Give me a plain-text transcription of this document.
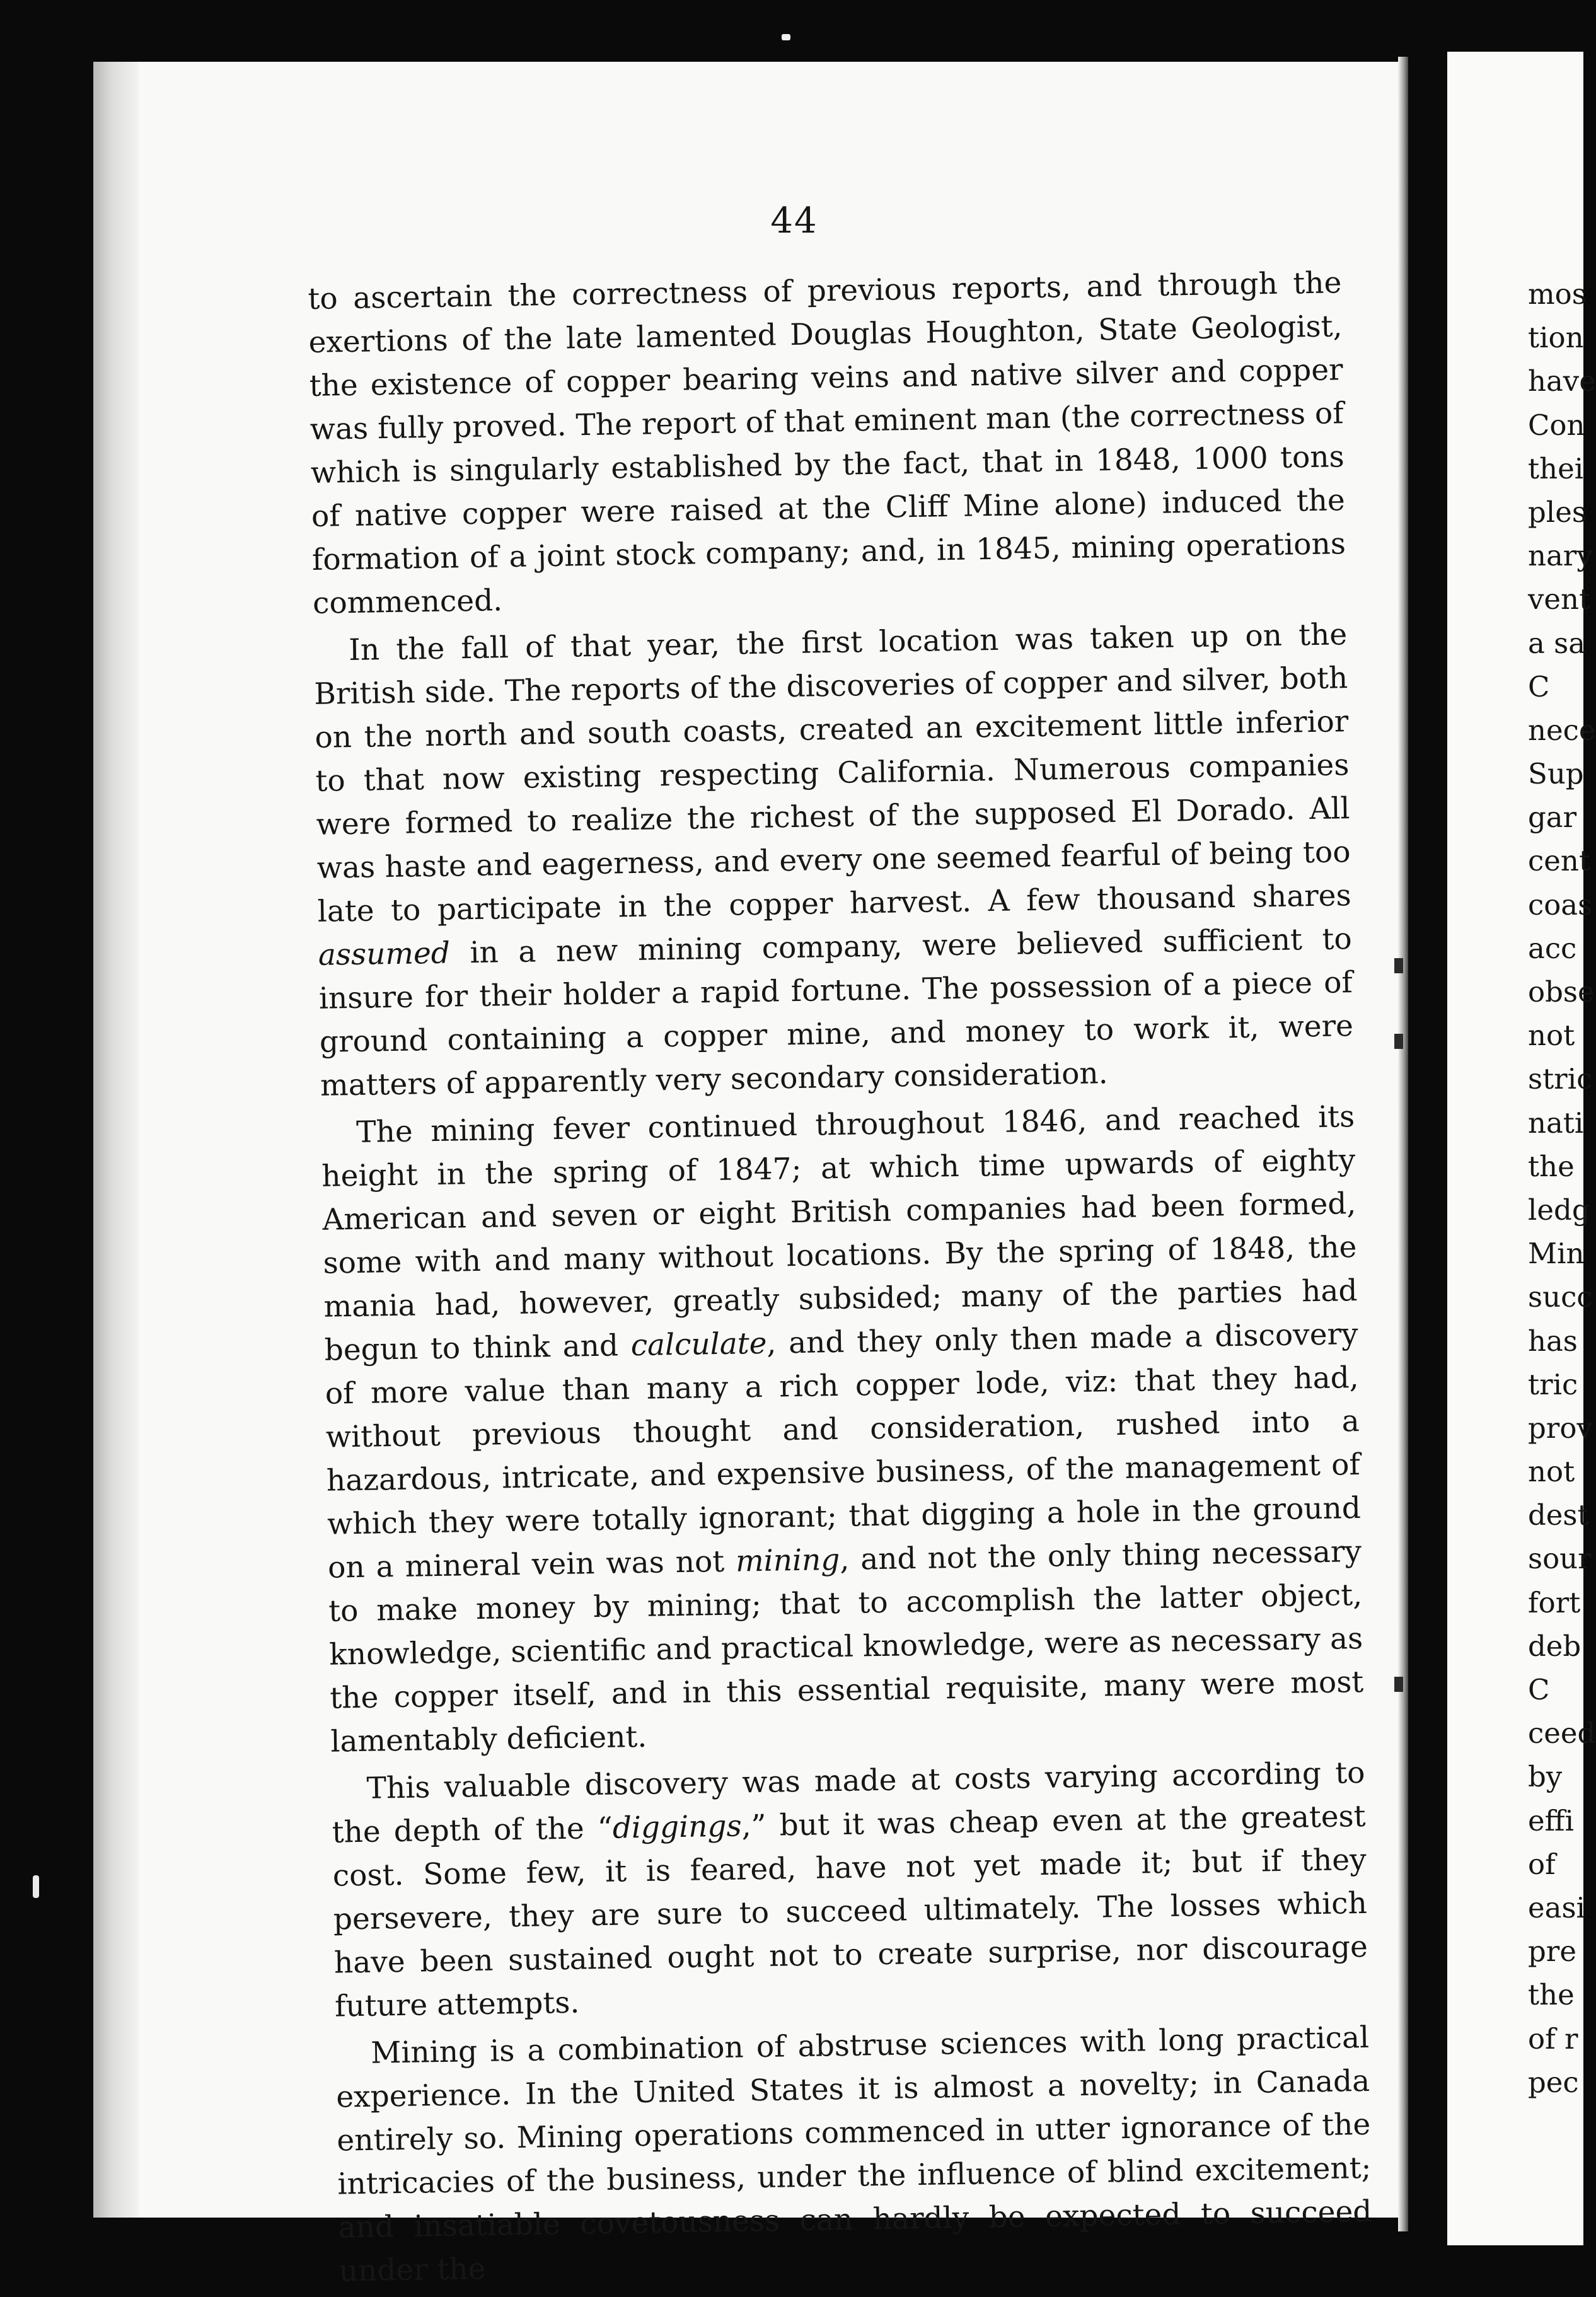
44

to ascertain the correctness of previous reports, and through the exertions of the late lamented Douglas Houghton, State Geologist, the existence of copper bearing veins and native silver and copper was fully proved. The report of that eminent man (the correctness of which is singularly established by the fact, that in 1848, 1000 tons of native copper were raised at the Cliff Mine alone) induced the formation of a joint stock company; and, in 1845, mining operations commenced.

In the fall of that year, the first location was taken up on the British side. The reports of the discoveries of copper and silver, both on the north and south coasts, created an excitement little inferior to that now existing respecting California. Numerous companies were formed to realize the richest of the supposed El Dorado. All was haste and eagerness, and every one seemed fearful of being too late to participate in the copper harvest. A few thousand shares assumed in a new mining company, were believed sufficient to insure for their holder a rapid fortune. The possession of a piece of ground containing a copper mine, and money to work it, were matters of apparently very secondary consideration.

The mining fever continued throughout 1846, and reached its height in the spring of 1847; at which time upwards of eighty American and seven or eight British companies had been formed, some with and many without locations. By the spring of 1848, the mania had, however, greatly subsided; many of the parties had begun to think and calculate, and they only then made a discovery of more value than many a rich copper lode, viz: that they had, without previous thought and consideration, rushed into a hazardous, intricate, and expensive business, of the management of which they were totally ignorant; that digging a hole in the ground on a mineral vein was not mining, and not the only thing necessary to make money by mining; that to accomplish the latter object, knowledge, scientific and practical knowledge, were as necessary as the copper itself, and in this essential requisite, many were most lamentably deficient.

This valuable discovery was made at costs varying according to the depth of the “diggings,” but it was cheap even at the greatest cost. Some few, it is feared, have not yet made it; but if they persevere, they are sure to succeed ultimately. The losses which have been sustained ought not to create surprise, nor discourage future attempts.

Mining is a combination of abstruse sciences with long practical experience. In the United States it is almost a novelty; in Canada entirely so. Mining operations commenced in utter ignorance of the intricacies of the business, under the influence of blind excitement; and insatiable covetousness can hardly be expected to succeed under the

mos
tion
have
Con
thei
ples
nary
vent
a sa
C
nece
Sup
gar
cent
coas
acc
obse
not
stric
nati
the
ledg
Min
succ
has
tric
prov
not
dest
sour
fort
deb
C
ceed
by
effi
of
easi
pre
the
of r
pec
